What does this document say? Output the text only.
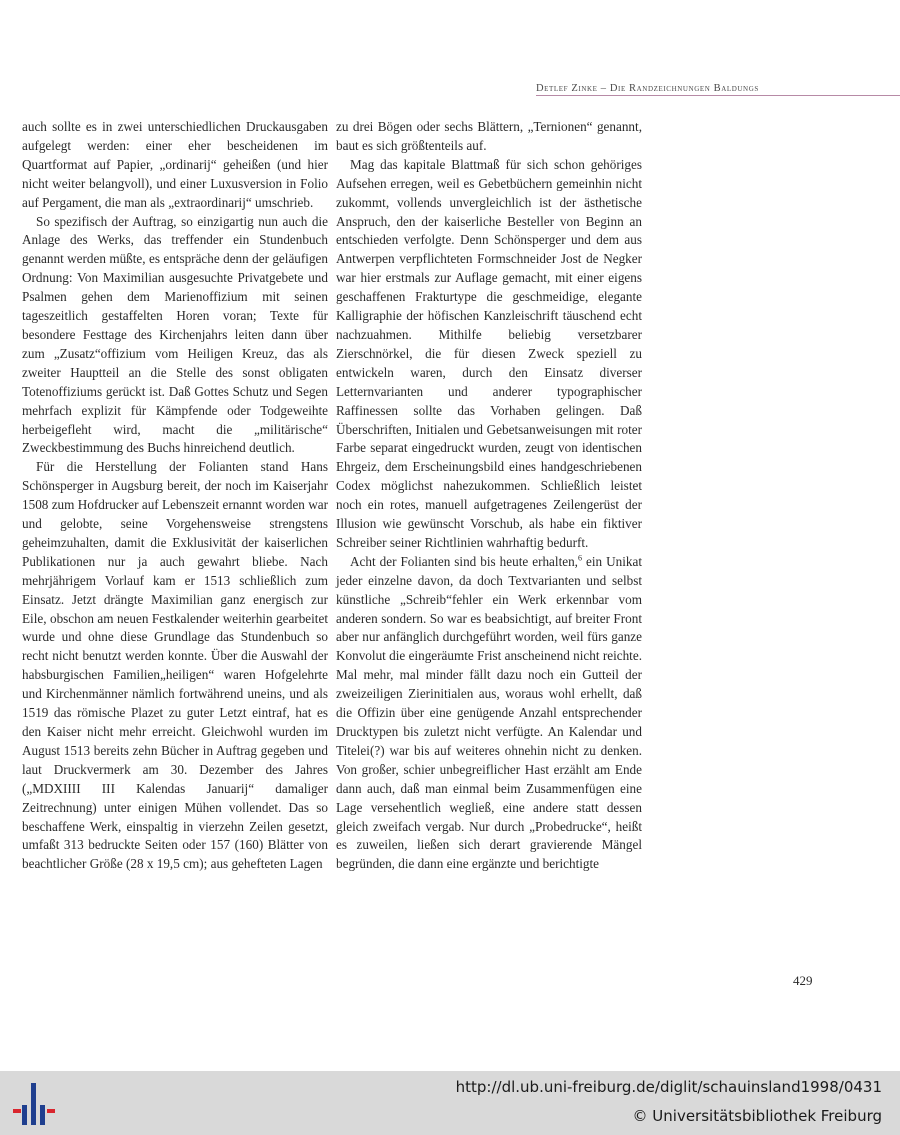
Detlef Zinke – Die Randzeichnungen Baldungs

auch sollte es in zwei unterschiedlichen Druckausgaben aufgelegt werden: einer eher bescheidenen im Quartformat auf Papier, „ordinarij“ geheißen (und hier nicht weiter belangvoll), und einer Luxusversion in Folio auf Pergament, die man als „extraordinarij“ umschrieb.

So spezifisch der Auftrag, so einzigartig nun auch die Anlage des Werks, das treffender ein Stundenbuch genannt werden müßte, es entspräche denn der geläufigen Ordnung: Von Maximilian ausgesuchte Privatgebete und Psalmen gehen dem Marienoffizium mit seinen tageszeitlich gestaffelten Horen voran; Texte für besondere Festtage des Kirchenjahrs leiten dann über zum „Zusatz“offizium vom Heiligen Kreuz, das als zweiter Hauptteil an die Stelle des sonst obligaten Totenoffiziums gerückt ist. Daß Gottes Schutz und Segen mehrfach explizit für Kämpfende oder Todgeweihte herbeigefleht wird, macht die „militärische“ Zweckbestimmung des Buchs hinreichend deutlich.

Für die Herstellung der Folianten stand Hans Schönsperger in Augsburg bereit, der noch im Kaiserjahr 1508 zum Hofdrucker auf Lebenszeit ernannt worden war und gelobte, seine Vorgehensweise strengstens geheimzuhalten, damit die Exklusivität der kaiserlichen Publikationen nur ja auch gewahrt bliebe. Nach mehrjährigem Vorlauf kam er 1513 schließlich zum Einsatz. Jetzt drängte Maximilian ganz energisch zur Eile, obschon am neuen Festkalender weiterhin gearbeitet wurde und ohne diese Grundlage das Stundenbuch so recht nicht benutzt werden konnte. Über die Auswahl der habsburgischen Familien„heiligen“ waren Hofgelehrte und Kirchenmänner nämlich fortwährend uneins, und als 1519 das römische Plazet zu guter Letzt eintraf, hat es den Kaiser nicht mehr erreicht. Gleichwohl wurden im August 1513 bereits zehn Bücher in Auftrag gegeben und laut Druckvermerk am 30. Dezember des Jahres („MDXIIII III Kalendas Januarij“ damaliger Zeitrechnung) unter einigen Mühen vollendet. Das so beschaffene Werk, einspaltig in vierzehn Zeilen gesetzt, umfaßt 313 bedruckte Seiten oder 157 (160) Blätter von beachtlicher Größe (28 x 19,5 cm); aus gehefteten Lagen

zu drei Bögen oder sechs Blättern, „Ternionen“ genannt, baut es sich größtenteils auf.

Mag das kapitale Blattmaß für sich schon gehöriges Aufsehen erregen, weil es Gebetbüchern gemeinhin nicht zukommt, vollends unvergleichlich ist der ästhetische Anspruch, den der kaiserliche Besteller von Beginn an entschieden verfolgte. Denn Schönsperger und dem aus Antwerpen verpflichteten Formschneider Jost de Negker war hier erstmals zur Auflage gemacht, mit einer eigens geschaffenen Frakturtype die geschmeidige, elegante Kalligraphie der höfischen Kanzleischrift täuschend echt nachzuahmen. Mithilfe beliebig versetzbarer Zierschnörkel, die für diesen Zweck speziell zu entwickeln waren, durch den Einsatz diverser Letternvarianten und anderer typographischer Raffinessen sollte das Vorhaben gelingen. Daß Überschriften, Initialen und Gebetsanweisungen mit roter Farbe separat eingedruckt wurden, zeugt von identischen Ehrgeiz, dem Erscheinungsbild eines handgeschriebenen Codex möglichst nahezukommen. Schließlich leistet noch ein rotes, manuell aufgetragenes Zeilengerüst der Illusion wie gewünscht Vorschub, als habe ein fiktiver Schreiber seiner Richtlinien wahrhaftig bedurft.

Acht der Folianten sind bis heute erhalten,$^6$ ein Unikat jeder einzelne davon, da doch Textvarianten und selbst künstliche „Schreib“fehler ein Werk erkennbar vom anderen sondern. So war es beabsichtigt, auf breiter Front aber nur anfänglich durchgeführt worden, weil fürs ganze Konvolut die eingeräumte Frist anscheinend nicht reichte. Mal mehr, mal minder fällt dazu noch ein Gutteil der zweizeiligen Zierinitialen aus, woraus wohl erhellt, daß die Offizin über eine genügende Anzahl entsprechender Drucktypen bis zuletzt nicht verfügte. An Kalendar und Titelei(?) war bis auf weiteres ohnehin nicht zu denken. Von großer, schier unbegreiflicher Hast erzählt am Ende dann auch, daß man einmal beim Zusammenfügen eine Lage versehentlich wegließ, eine andere statt dessen gleich zweifach vergab. Nur durch „Probedrucke“, heißt es zuweilen, ließen sich derart gravierende Mängel begründen, die dann eine ergänzte und berichtigte

429
http://dl.ub.uni-freiburg.de/diglit/schauinsland1998/0431
© Universitätsbibliothek Freiburg
